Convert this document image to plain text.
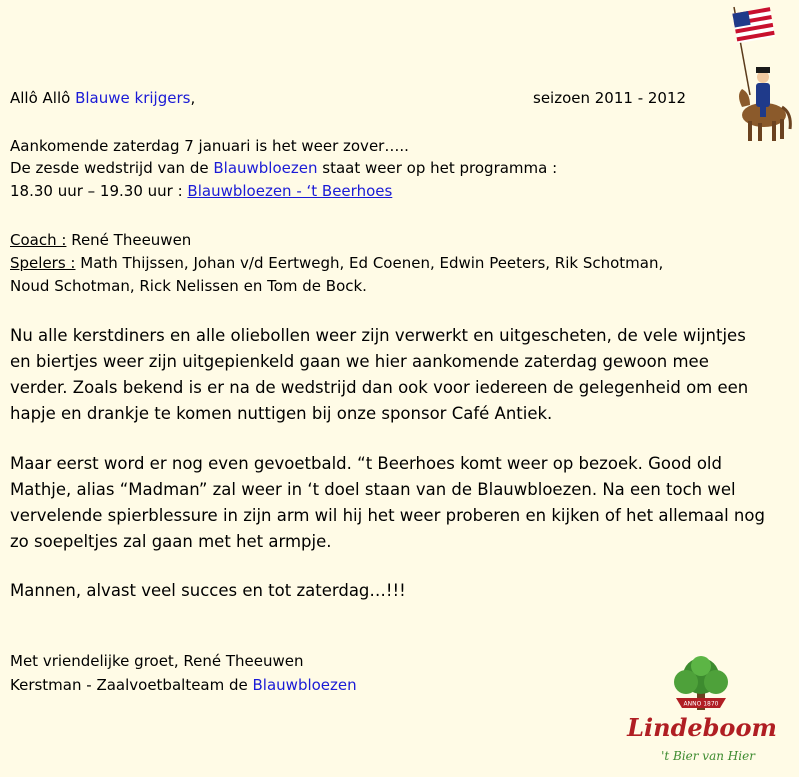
Allô Allô Blauwe krijgers,	seizoen 2011 - 2012
Aankomende zaterdag 7 januari is het weer zover…..
De zesde wedstrijd van de Blauwbloezen staat weer op het programma :
18.30 uur – 19.30 uur : Blauwbloezen - ‘t Beerhoes
Coach : René Theeuwen
Spelers : Math Thijssen, Johan v/d Eertwegh, Ed Coenen, Edwin Peeters, Rik Schotman,
Noud Schotman, Rick Nelissen en Tom de Bock.
Nu alle kerstdiners en alle oliebollen weer zijn verwerkt en uitgescheten, de vele wijntjes en biertjes weer zijn uitgepienkeld gaan we hier aankomende zaterdag gewoon mee verder. Zoals bekend is er na de wedstrijd dan ook voor iedereen de gelegenheid om een hapje en drankje te komen nuttigen bij onze sponsor Café Antiek.
Maar eerst word er nog even gevoetbald. “t Beerhoes komt weer op bezoek. Good old Mathje, alias “Madman” zal weer in ‘t doel staan van de Blauwbloezen. Na een toch wel vervelende spierblessure in zijn arm wil hij het weer proberen en kijken of het allemaal nog zo soepeltjes zal gaan met het armpje.
Mannen, alvast veel succes en tot zaterdag…!!!
Met vriendelijke groet, René Theeuwen
Kerstman - Zaalvoetbalteam de Blauwbloezen
ANNO 1870
Lindeboom
't Bier van Hier
